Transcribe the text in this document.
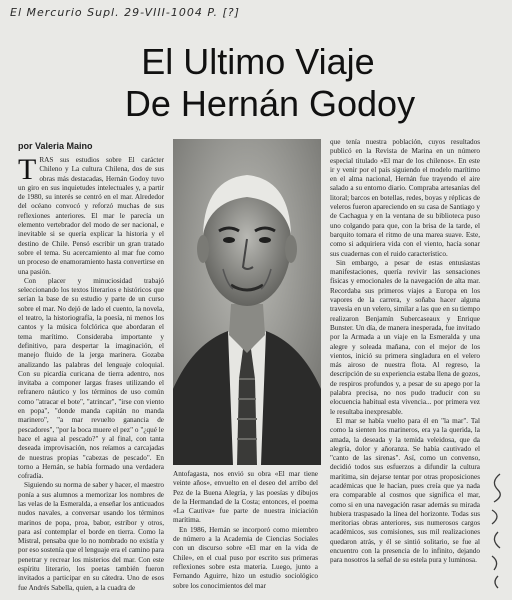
El Mercurio Supl. 29-VIII-1004 P. [?]
El Ultimo Viaje
De Hernán Godoy
por Valeria Maino
T RAS sus estudios sobre El carácter Chileno y La cultura Chilena, dos de sus obras más destacadas, Hernán Godoy tuvo un giro en sus inquietudes intelectuales y, a partir de 1980, su interés se centró en el mar. Alrededor del océano convocó y reforzó muchas de sus reflexiones anteriores. El mar le parecía un elemento vertebrador del modo de ser nacional, e inevitable si se quería explicar la historia y el destino de Chile. Pensó escribir un gran tratado sobre el tema. Su acercamiento al mar fue como un proceso de enamoramiento hasta convertirse en una pasión.

Con placer y minuciosidad trabajó seleccionando los textos literarios e históricos que serían la base de su estudio y parte de un curso sobre el mar. No dejó de lado el cuento, la novela, el teatro, la historiografía, la poesía, ni menos los cantos y la música folclórica que abordaran el tema marítimo. Consideraba importante y definitivo, para despertar la imaginación, el manejo fluido de la jerga marinera. Gozaba analizando las palabras del lenguaje coloquial. Con su picardía curicana de tierra adentro, nos invitaba a componer largas frases utilizando el refranero náutico y los términos de uso común como "atracar el bote", "atrincar", "irse con viento en popa", "donde manda capitán no manda marinero", "a mar revuelto ganancia de pescadores", "por la boca muere el pez" o "¿qué le hace el agua al pescado?" y al final, con tanta deseada improvisación, nos reíamos a carcajadas de nuestras propias "cabezas de pescado". En torno a Hernán, se había formado una verdadera cofradía.

Siguiendo su norma de saber y hacer, el maestro ponía a sus alumnos a memorizar los nombres de las velas de la Esmeralda, a enseñar los anticuados nudos navales, a conversar usando los términos marinos de popa, proa, babor, estribor y otros, para así contemplar el borde en tierra. Como la Mistral, pensaba que lo no nombrado no existía y por eso sostenía que el lenguaje era el camino para penetrar y recrear los misterios del mar. Con este espíritu literario, los poetas también fueron invitados a participar en su cátedra. Uno de esos fue Andrés Sabella, quien, a la cuadra de

Antofagasta, nos envió su obra «El mar tiene veinte años», envuelto en el deseo del arribo del Pez de la Buena Alegría, y las poesías y dibujos de la Hermandad de la Costa; entonces, el poema «La Cautiva» fue parte de nuestra iniciación marítima.

En 1986, Hernán se incorporó como miembro de número a la Academia de Ciencias Sociales con un discurso sobre «El mar en la vida de Chile», en el cual puso por escrito sus primeras reflexiones sobre esta materia. Luego, junto a Fernando Aguirre, hizo un estudio sociológico sobre los conocimientos del mar

que tenía nuestra población, cuyos resultados publicó en la Revista de Marina en un número especial titulado «El mar de los chilenos». En este ir y venir por el país siguiendo el modelo marítimo en el alma nacional, Hernán fue trayendo el aire salado a su entorno diario. Compraba artesanías del litoral; barcos en botellas, redes, boyas y réplicas de veleros fueron apareciendo en su casa de Santiago y de Cachagua y en la ventana de su biblioteca puso uno colgando para que, con la brisa de la tarde, el barquito tomara el ritmo de una marea suave. Este, como si adquiriera vida con el viento, hacía sonar sus cuadernas con el ruido característico.

Sin embargo, a pesar de estas entusiastas manifestaciones, quería revivir las sensaciones físicas y emocionales de la navegación de alta mar. Recordaba sus primeros viajes a Europa en los vapores de la carrera, y soñaba hacer alguna travesía en un velero, similar a las que en su tiempo realizaron Benjamín Subercaseaux y Enrique Bunster. Un día, de manera inesperada, fue invitado por la Armada a un viaje en la Esmeralda y una alegre y soleada mañana, con el mejor de los vientos, inició su primera singladura en el velero más airoso de nuestra flota. Al regreso, la descripción de su experiencia estaba llena de gozos, de respiros profundos y, a pesar de su apego por la palabra precisa, no nos pudo traducir con su elocuencia habitual esta vivencia... por primera vez le resultaba inexpresable.

El mar se había vuelto para él en "la mar". Tal como la sienten los marineros, era ya la querida, la amada, la deseada y la temida veleidosa, que da alegría, dolor y añoranza. Se había cautivado el "canto de las sirenas". Así, como un convenso, decidió todos sus esfuerzos a difundir la cultura marítima, sin dejarse tentar por otras proposiciones académicas que le hacían, pues creía que ya nada era comparable al cosmos que significa el mar, como si en una navegación rasar además su mirada hubiera traspasado la línea del horizonte. Todas sus meritorias obras anteriores, sus numerosos cargos académicos, sus comisiones, sus mil realizaciones quedaron atrás, y él se sintió solitario, se fue al encuentro con la presencia de lo infinito, dejando para nosotros la señal de su estela pura y luminosa.
